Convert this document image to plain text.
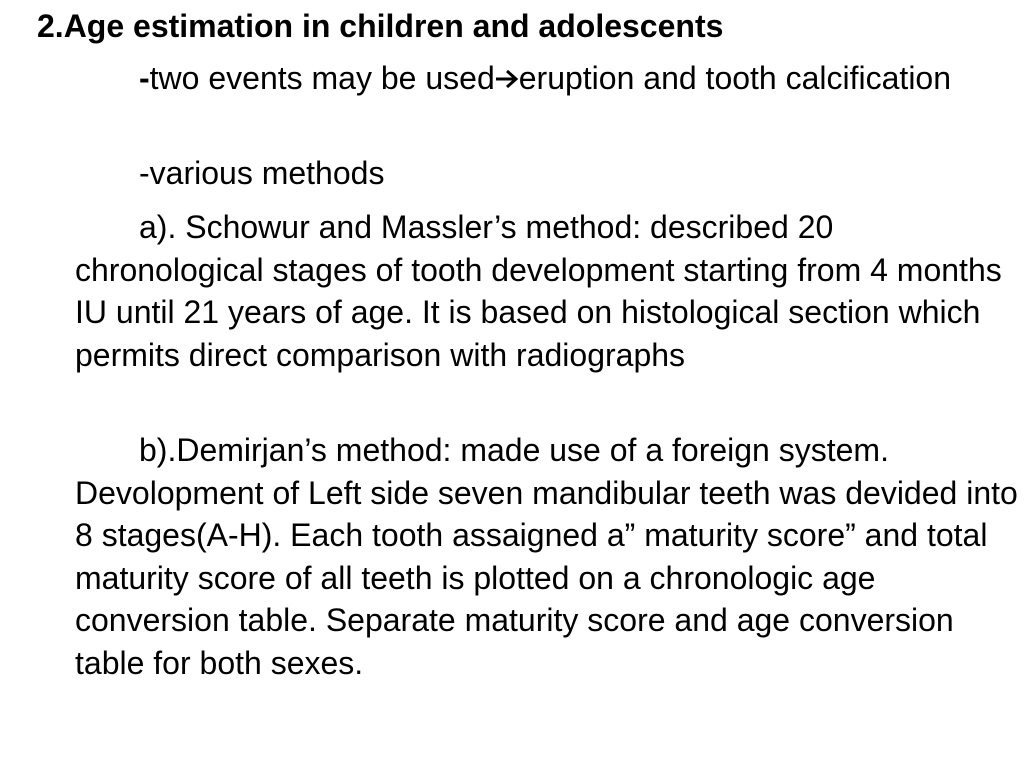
2.Age estimation in children and adolescents

-two events may be used eruption and tooth calcification

-various methods

a). Schowur and Massler’s method: described 20 chronological stages of tooth development starting from 4 months IU until 21 years of age. It is based on histological section which permits direct comparison with radiographs

b).Demirjan’s method: made use of a foreign system. Devolopment of Left side seven mandibular teeth was devided into 8 stages(A-H). Each tooth assaigned a” maturity score” and total maturity score of all teeth is plotted on a chronologic age conversion table. Separate maturity score and age conversion table for both sexes.
